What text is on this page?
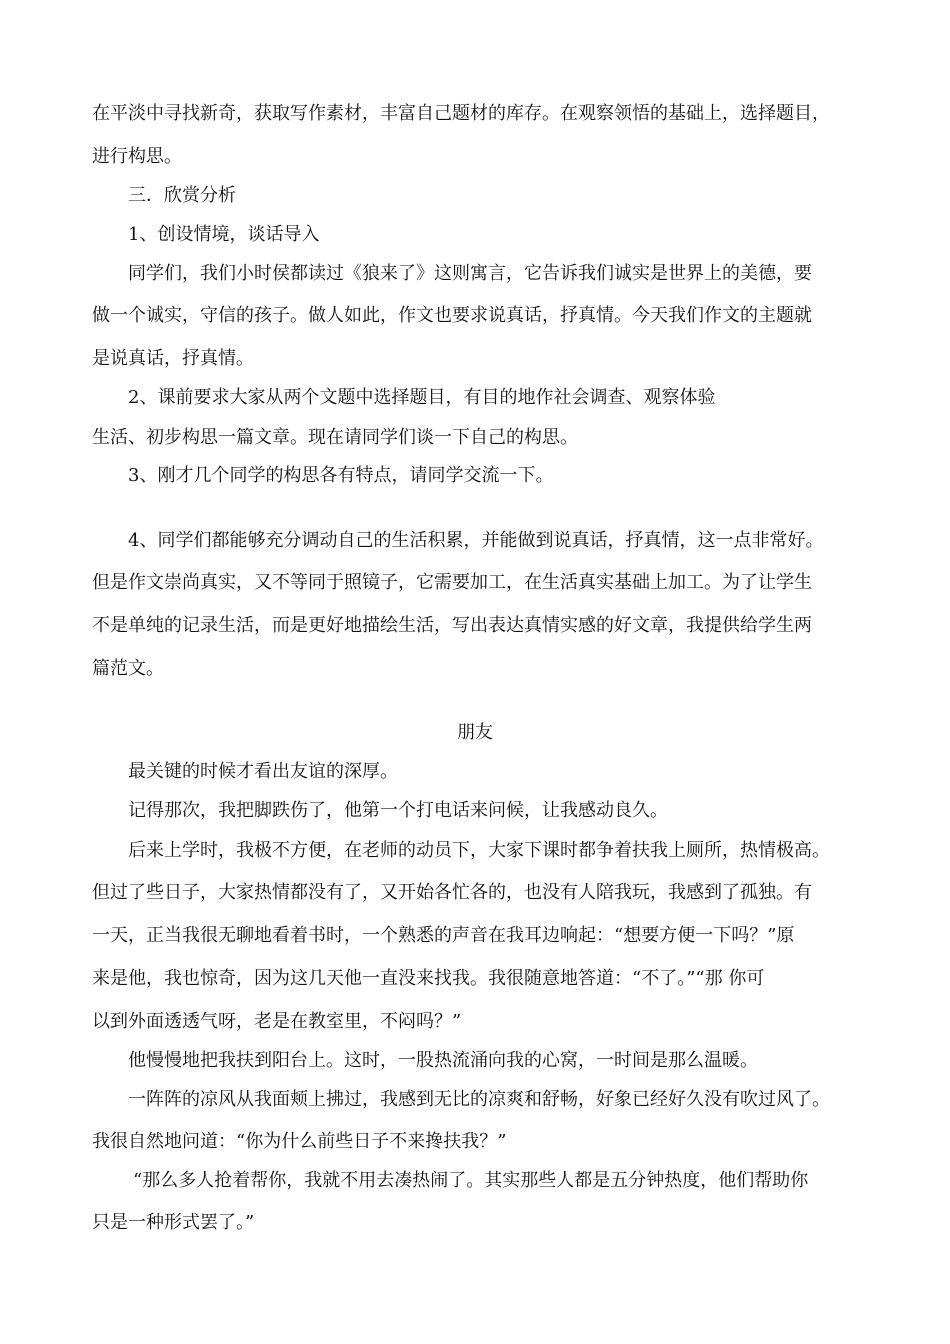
在平淡中寻找新奇，获取写作素材，丰富自己题材的库存。在观察领悟的基础上，选择题目，
进行构思。
三．欣赏分析
1、创设情境，谈话导入
同学们，我们小时侯都读过《狼来了》这则寓言，它告诉我们诚实是世界上的美德，要
做一个诚实，守信的孩子。做人如此，作文也要求说真话，抒真情。今天我们作文的主题就
是说真话，抒真情。
2、课前要求大家从两个文题中选择题目，有目的地作社会调查、观察体验
生活、初步构思一篇文章。现在请同学们谈一下自己的构思。
3、刚才几个同学的构思各有特点，请同学交流一下。
4、同学们都能够充分调动自己的生活积累，并能做到说真话，抒真情，这一点非常好。
但是作文崇尚真实，又不等同于照镜子，它需要加工，在生活真实基础上加工。为了让学生
不是单纯的记录生活，而是更好地描绘生活，写出表达真情实感的好文章，我提供给学生两
篇范文。
朋友
最关键的时候才看出友谊的深厚。
记得那次，我把脚跌伤了，他第一个打电话来问候，让我感动良久。
后来上学时，我极不方便，在老师的动员下，大家下课时都争着扶我上厕所，热情极高。
但过了些日子，大家热情都没有了，又开始各忙各的，也没有人陪我玩，我感到了孤独。有
一天，正当我很无聊地看着书时，一个熟悉的声音在我耳边响起：“想要方便一下吗？”原
来是他，我也惊奇，因为这几天他一直没来找我。我很随意地答道：“不了。”“那 你可
以到外面透透气呀，老是在教室里，不闷吗？”
他慢慢地把我扶到阳台上。这时，一股热流涌向我的心窝，一时间是那么温暖。
一阵阵的凉风从我面颊上拂过，我感到无比的凉爽和舒畅，好象已经好久没有吹过风了。
我很自然地问道：“你为什么前些日子不来搀扶我？”
“那么多人抢着帮你，我就不用去凑热闹了。其实那些人都是五分钟热度，他们帮助你
只是一种形式罢了。”
